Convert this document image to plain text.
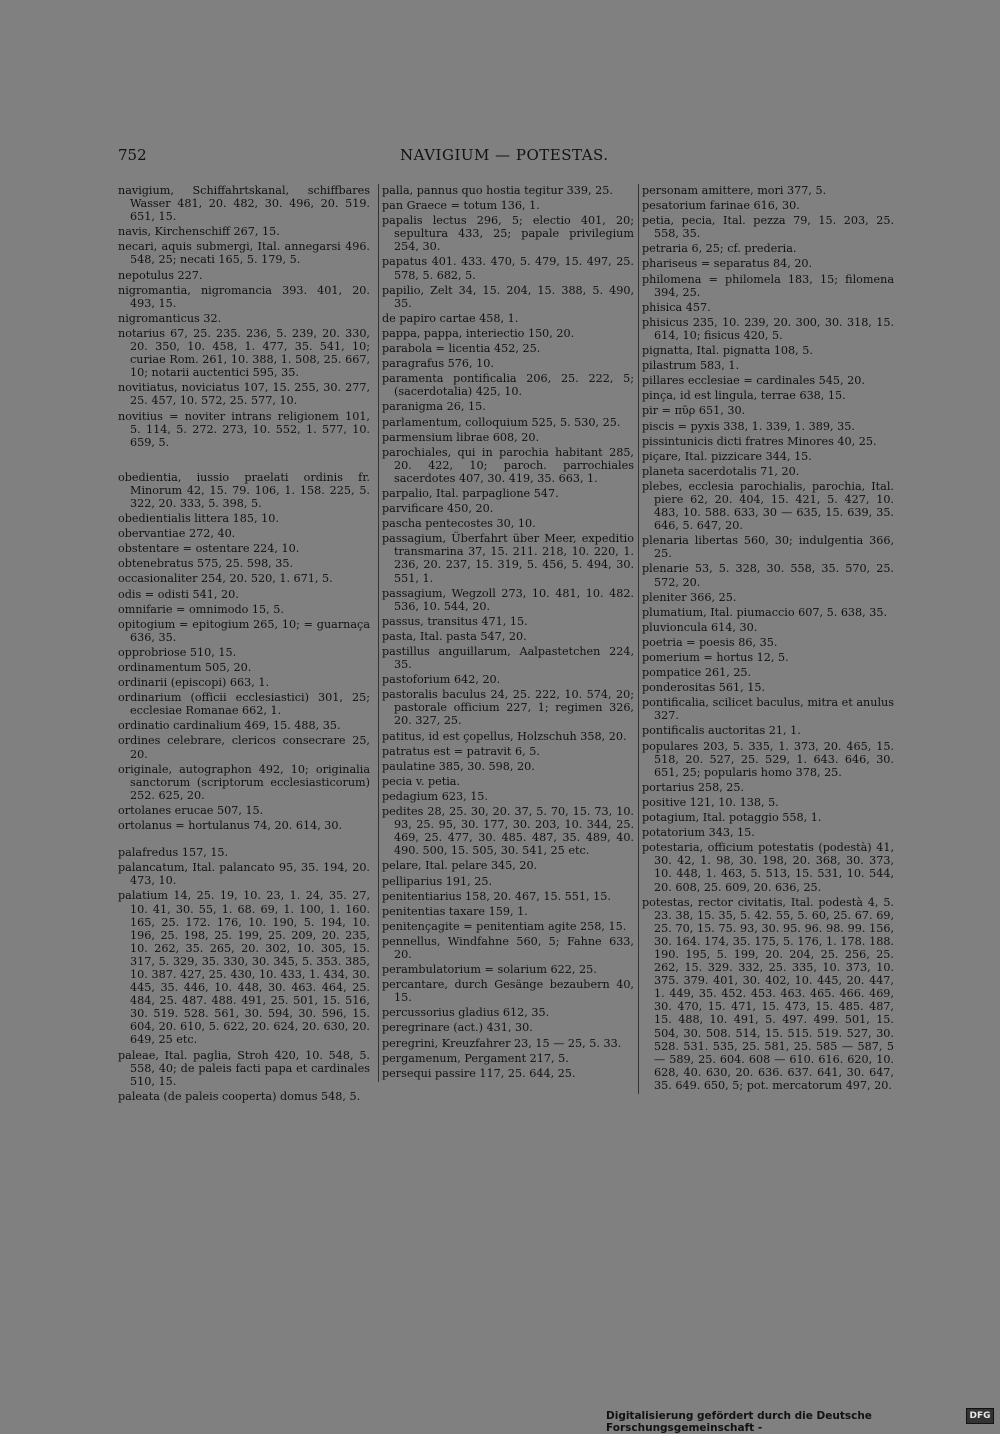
752	NAVIGIUM — POTESTAS.

navigium, Schiffahrtskanal, schiffbares Wasser 481, 20. 482, 30. 496, 20. 519. 651, 15.

navis, Kirchenschiff 267, 15.

necari, aquis submergi, Ital. annegarsi 496. 548, 25; necati 165, 5. 179, 5.

nepotulus 227.

nigromantia, nigromancia 393. 401, 20. 493, 15.

nigromanticus 32.

notarius 67, 25. 235. 236, 5. 239, 20. 330, 20. 350, 10. 458, 1. 477, 35. 541, 10; curiae Rom. 261, 10. 388, 1. 508, 25. 667, 10; notarii auctentici 595, 35.

novitiatus, noviciatus 107, 15. 255, 30. 277, 25. 457, 10. 572, 25. 577, 10.

novitius = noviter intrans religionem 101, 5. 114, 5. 272. 273, 10. 552, 1. 577, 10. 659, 5.

obedientia, iussio praelati ordinis fr. Minorum 42, 15. 79. 106, 1. 158. 225, 5. 322, 20. 333, 5. 398, 5.

obedientialis littera 185, 10.

obervantiae 272, 40.

obstentare = ostentare 224, 10.

obtenebratus 575, 25. 598, 35.

occasionaliter 254, 20. 520, 1. 671, 5.

odis = odisti 541, 20.

omnifarie = omnimodo 15, 5.

opitogium = epitogium 265, 10; = guarnaça 636, 35.

opprobriose 510, 15.

ordinamentum 505, 20.

ordinarii (episcopi) 663, 1.

ordinarium (officii ecclesiastici) 301, 25; ecclesiae Romanae 662, 1.

ordinatio cardinalium 469, 15. 488, 35.

ordines celebrare, clericos consecrare 25, 20.

originale, autographon 492, 10; originalia sanctorum (scriptorum ecclesiasticorum) 252. 625, 20.

ortolanes erucae 507, 15.

ortolanus = hortulanus 74, 20. 614, 30.

palafredus 157, 15.

palancatum, Ital. palancato 95, 35. 194, 20. 473, 10.

palatium 14, 25. 19, 10. 23, 1. 24, 35. 27, 10. 41, 30. 55, 1. 68. 69, 1. 100, 1. 160. 165, 25. 172. 176, 10. 190, 5. 194, 10. 196, 25. 198, 25. 199, 25. 209, 20. 235, 10. 262, 35. 265, 20. 302, 10. 305, 15. 317, 5. 329, 35. 330, 30. 345, 5. 353. 385, 10. 387. 427, 25. 430, 10. 433, 1. 434, 30. 445, 35. 446, 10. 448, 30. 463. 464, 25. 484, 25. 487. 488. 491, 25. 501, 15. 516, 30. 519. 528. 561, 30. 594, 30. 596, 15. 604, 20. 610, 5. 622, 20. 624, 20. 630, 20. 649, 25 etc.

paleae, Ital. paglia, Stroh 420, 10. 548, 5. 558, 40; de paleis facti papa et cardinales 510, 15.

paleata (de paleis cooperta) domus 548, 5.

palla, pannus quo hostia tegitur 339, 25.

pan Graece = totum 136, 1.

papalis lectus 296, 5; electio 401, 20; sepultura 433, 25; papale privilegium 254, 30.

papatus 401. 433. 470, 5. 479, 15. 497, 25. 578, 5. 682, 5.

papilio, Zelt 34, 15. 204, 15. 388, 5. 490, 35.

de papiro cartae 458, 1.

pappa, pappa, interiectio 150, 20.

parabola = licentia 452, 25.

paragrafus 576, 10.

paramenta pontificalia 206, 25. 222, 5; (sacerdotalia) 425, 10.

paranigma 26, 15.

parlamentum, colloquium 525, 5. 530, 25.

parmensium librae 608, 20.

parochiales, qui in parochia habitant 285, 20. 422, 10; paroch. parrochiales sacerdotes 407, 30. 419, 35. 663, 1.

parpalio, Ital. parpaglione 547.

parvificare 450, 20.

pascha pentecostes 30, 10.

passagium, Überfahrt über Meer, expeditio transmarina 37, 15. 211. 218, 10. 220, 1. 236, 20. 237, 15. 319, 5. 456, 5. 494, 30. 551, 1.

passagium, Wegzoll 273, 10. 481, 10. 482. 536, 10. 544, 20.

passus, transitus 471, 15.

pasta, Ital. pasta 547, 20.

pastillus anguillarum, Aalpastetchen 224, 35.

pastoforium 642, 20.

pastoralis baculus 24, 25. 222, 10. 574, 20; pastorale officium 227, 1; regimen 326, 20. 327, 25.

patitus, id est çopellus, Holzschuh 358, 20.

patratus est = patravit 6, 5.

paulatine 385, 30. 598, 20.

pecia v. petia.

pedagium 623, 15.

pedites 28, 25. 30, 20. 37, 5. 70, 15. 73, 10. 93, 25. 95, 30. 177, 30. 203, 10. 344, 25. 469, 25. 477, 30. 485. 487, 35. 489, 40. 490. 500, 15. 505, 30. 541, 25 etc.

pelare, Ital. pelare 345, 20.

pelliparius 191, 25.

penitentiarius 158, 20. 467, 15. 551, 15.

penitentias taxare 159, 1.

penitençagite = penitentiam agite 258, 15.

pennellus, Windfahne 560, 5; Fahne 633, 20.

perambulatorium = solarium 622, 25.

percantare, durch Gesänge bezaubern 40, 15.

percussorius gladius 612, 35.

peregrinare (act.) 431, 30.

peregrini, Kreuzfahrer 23, 15 — 25, 5. 33.

pergamenum, Pergament 217, 5.

persequi passire 117, 25. 644, 25.

personam amittere, mori 377, 5.

pesatorium farinae 616, 30.

petia, pecia, Ital. pezza 79, 15. 203, 25. 558, 35.

petraria 6, 25; cf. prederia.

phariseus = separatus 84, 20.

philomena = philomela 183, 15; filomena 394, 25.

phisica 457.

phisicus 235, 10. 239, 20. 300, 30. 318, 15. 614, 10; fisicus 420, 5.

pignatta, Ital. pignatta 108, 5.

pilastrum 583, 1.

pillares ecclesiae = cardinales 545, 20.

pinça, id est lingula, terrae 638, 15.

pir = πῦρ 651, 30.

piscis = pyxis 338, 1. 339, 1. 389, 35.

pissintunicis dicti fratres Minores 40, 25.

piçare, Ital. pizzicare 344, 15.

planeta sacerdotalis 71, 20.

plebes, ecclesia parochialis, parochia, Ital. piere 62, 20. 404, 15. 421, 5. 427, 10. 483, 10. 588. 633, 30 — 635, 15. 639, 35. 646, 5. 647, 20.

plenaria libertas 560, 30; indulgentia 366, 25.

plenarie 53, 5. 328, 30. 558, 35. 570, 25. 572, 20.

pleniter 366, 25.

plumatium, Ital. piumaccio 607, 5. 638, 35.

pluvioncula 614, 30.

poetria = poesis 86, 35.

pomerium = hortus 12, 5.

pompatice 261, 25.

ponderositas 561, 15.

pontificalia, scilicet baculus, mitra et anulus 327.

pontificalis auctoritas 21, 1.

populares 203, 5. 335, 1. 373, 20. 465, 15. 518, 20. 527, 25. 529, 1. 643. 646, 30. 651, 25; popularis homo 378, 25.

portarius 258, 25.

positive 121, 10. 138, 5.

potagium, Ital. potaggio 558, 1.

potatorium 343, 15.

potestaria, officium potestatis (podestà) 41, 30. 42, 1. 98, 30. 198, 20. 368, 30. 373, 10. 448, 1. 463, 5. 513, 15. 531, 10. 544, 20. 608, 25. 609, 20. 636, 25.

potestas, rector civitatis, Ital. podestà 4, 5. 23. 38, 15. 35, 5. 42. 55, 5. 60, 25. 67. 69, 25. 70, 15. 75. 93, 30. 95. 96. 98. 99. 156, 30. 164. 174, 35. 175, 5. 176, 1. 178. 188. 190. 195, 5. 199, 20. 204, 25. 256, 25. 262, 15. 329. 332, 25. 335, 10. 373, 10. 375. 379. 401, 30. 402, 10. 445, 20. 447, 1. 449, 35. 452. 453. 463. 465. 466. 469, 30. 470, 15. 471, 15. 473, 15. 485. 487, 15. 488, 10. 491, 5. 497. 499. 501, 15. 504, 30. 508. 514, 15. 515. 519. 527, 30. 528. 531. 535, 25. 581, 25. 585 — 587, 5 — 589, 25. 604. 608 — 610. 616. 620, 10. 628, 40. 630, 20. 636. 637. 641, 30. 647, 35. 649. 650, 5; pot. mercatorum 497, 20.

Digitalisierung gefördert durch die Deutsche Forschungsgemeinschaft -
DFG
